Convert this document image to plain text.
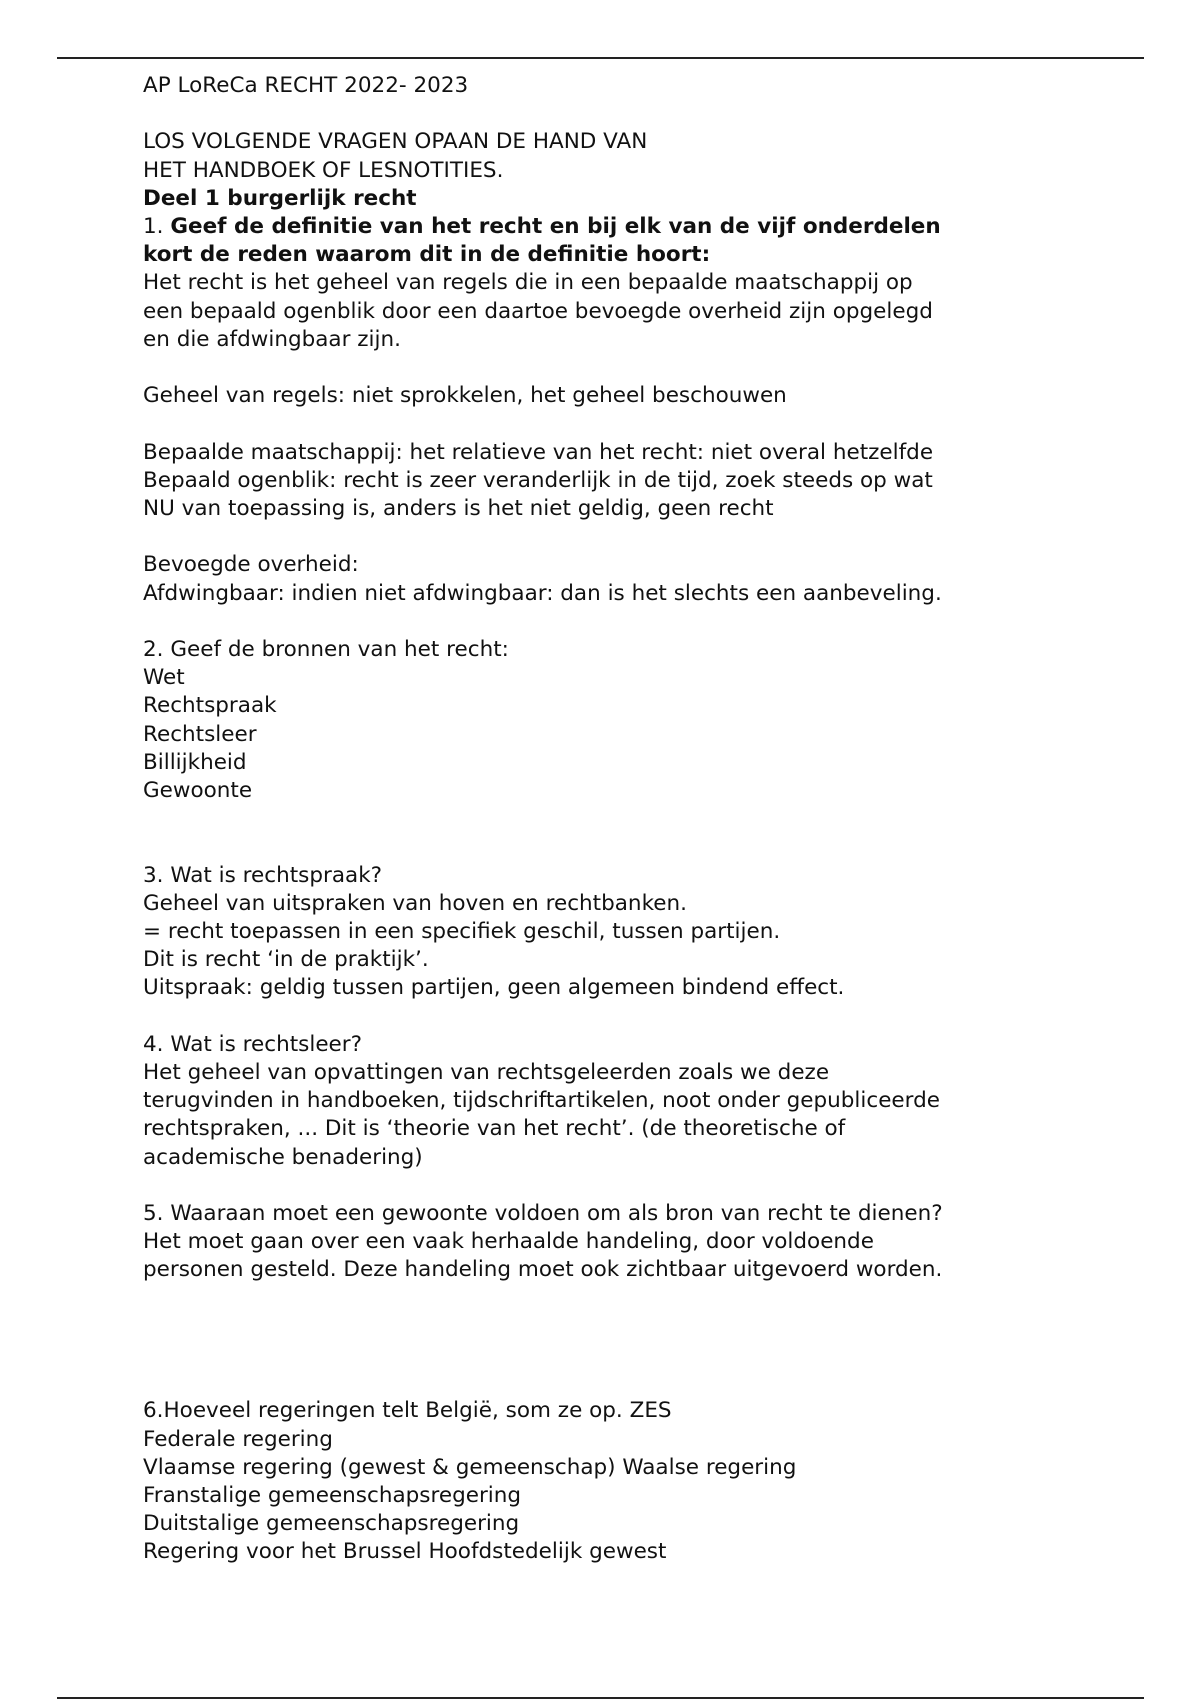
AP LoReCa RECHT 2022- 2023
LOS VOLGENDE VRAGEN OPAAN DE HAND VAN
HET HANDBOEK OF LESNOTITIES.
Deel 1 burgerlijk recht
1. Geef de definitie van het recht en bij elk van de vijf onderdelen
kort de reden waarom dit in de definitie hoort:
Het recht is het geheel van regels die in een bepaalde maatschappij op
een bepaald ogenblik door een daartoe bevoegde overheid zijn opgelegd
en die afdwingbaar zijn.
Geheel van regels: niet sprokkelen, het geheel beschouwen
Bepaalde maatschappij: het relatieve van het recht: niet overal hetzelfde
Bepaald ogenblik: recht is zeer veranderlijk in de tijd, zoek steeds op wat
NU van toepassing is, anders is het niet geldig, geen recht
Bevoegde overheid:
Afdwingbaar: indien niet afdwingbaar: dan is het slechts een aanbeveling.
2. Geef de bronnen van het recht:
Wet
Rechtspraak
Rechtsleer
Billijkheid
Gewoonte
3. Wat is rechtspraak?
Geheel van uitspraken van hoven en rechtbanken.
= recht toepassen in een specifiek geschil, tussen partijen.
Dit is recht ‘in de praktijk’.
Uitspraak: geldig tussen partijen, geen algemeen bindend effect.
4. Wat is rechtsleer?
Het geheel van opvattingen van rechtsgeleerden zoals we deze
terugvinden in handboeken, tijdschriftartikelen, noot onder gepubliceerde
rechtspraken, ... Dit is ‘theorie van het recht’. (de theoretische of
academische benadering)
5. Waaraan moet een gewoonte voldoen om als bron van recht te dienen?
Het moet gaan over een vaak herhaalde handeling, door voldoende
personen gesteld. Deze handeling moet ook zichtbaar uitgevoerd worden.
6.Hoeveel regeringen telt België, som ze op. ZES
Federale regering
Vlaamse regering (gewest & gemeenschap) Waalse regering
Franstalige gemeenschapsregering
Duitstalige gemeenschapsregering
Regering voor het Brussel Hoofdstedelijk gewest
